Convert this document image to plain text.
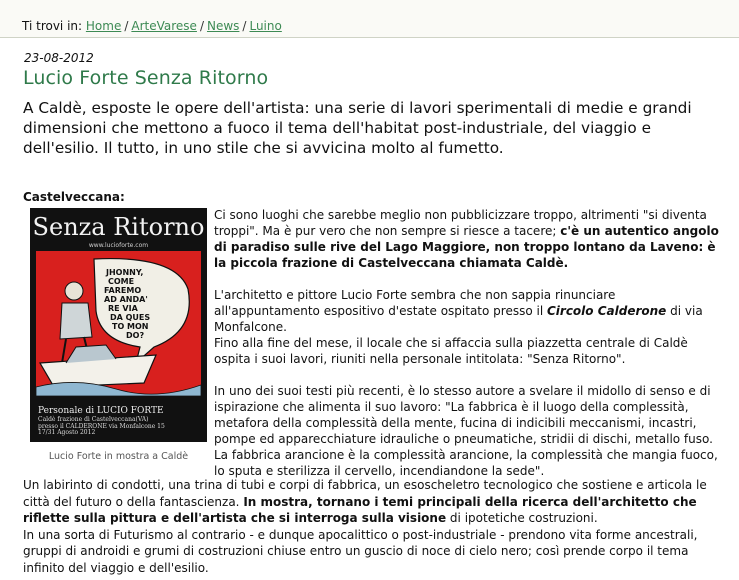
Ti trovi in: Home / ArteVarese / News / Luino
23-08-2012
Lucio Forte Senza Ritorno

A Caldè, esposte le opere dell'artista: una serie di lavori sperimentali di medie e grandi dimensioni che mettono a fuoco il tema dell'habitat post-industriale, del viaggio e dell'esilio. Il tutto, in uno stile che si avvicina molto al fumetto.

Castelveccana:
Senza Ritorno
www.lucioforte.com
JHONNY, COME FAREMO AD ANDA' RE VIA DA QUES TO MON DO?
Personale di LUCIO FORTE
Caldè frazione di Castelveccana(VA)
presso il CALDERONE via Monfalcone 15
17/31 Agosto 2012
Lucio Forte in mostra a Caldè

Ci sono luoghi che sarebbe meglio non pubblicizzare troppo, altrimenti "si diventa troppi". Ma è pur vero che non sempre si riesce a tacere; c'è un autentico angolo di paradiso sulle rive del Lago Maggiore, non troppo lontano da Laveno: è la piccola frazione di Castelveccana chiamata Caldè.

L'architetto e pittore Lucio Forte sembra che non sappia rinunciare all'appuntamento espositivo d'estate ospitato presso il Circolo Calderone di via Monfalcone.

Fino alla fine del mese, il locale che si affaccia sulla piazzetta centrale di Caldè ospita i suoi lavori, riuniti nella personale intitolata: "Senza Ritorno".

In uno dei suoi testi più recenti, è lo stesso autore a svelare il midollo di senso e di ispirazione che alimenta il suo lavoro: "La fabbrica è il luogo della complessità, metafora della complessità della mente, fucina di indicibili meccanismi, incastri, pompe ed apparecchiature idrauliche o pneumatiche, stridii di dischi, metallo fuso. La fabbrica arancione è la complessità arancione, la complessità che mangia fuoco, lo sputa e sterilizza il cervello, incendiandone la sede".

Un labirinto di condotti, una trina di tubi e corpi di fabbrica, un esoscheletro tecnologico che sostiene e articola le città del futuro o della fantascienza. In mostra, tornano i temi principali della ricerca dell'architetto che riflette sulla pittura e dell'artista che si interroga sulla visione di ipotetiche costruzioni.

In una sorta di Futurismo al contrario - e dunque apocalittico o post-industriale - prendono vita forme ancestrali, gruppi di androidi e grumi di costruzioni chiuse entro un guscio di noce di cielo nero; così prende corpo il tema infinito del viaggio e dell'esilio.
